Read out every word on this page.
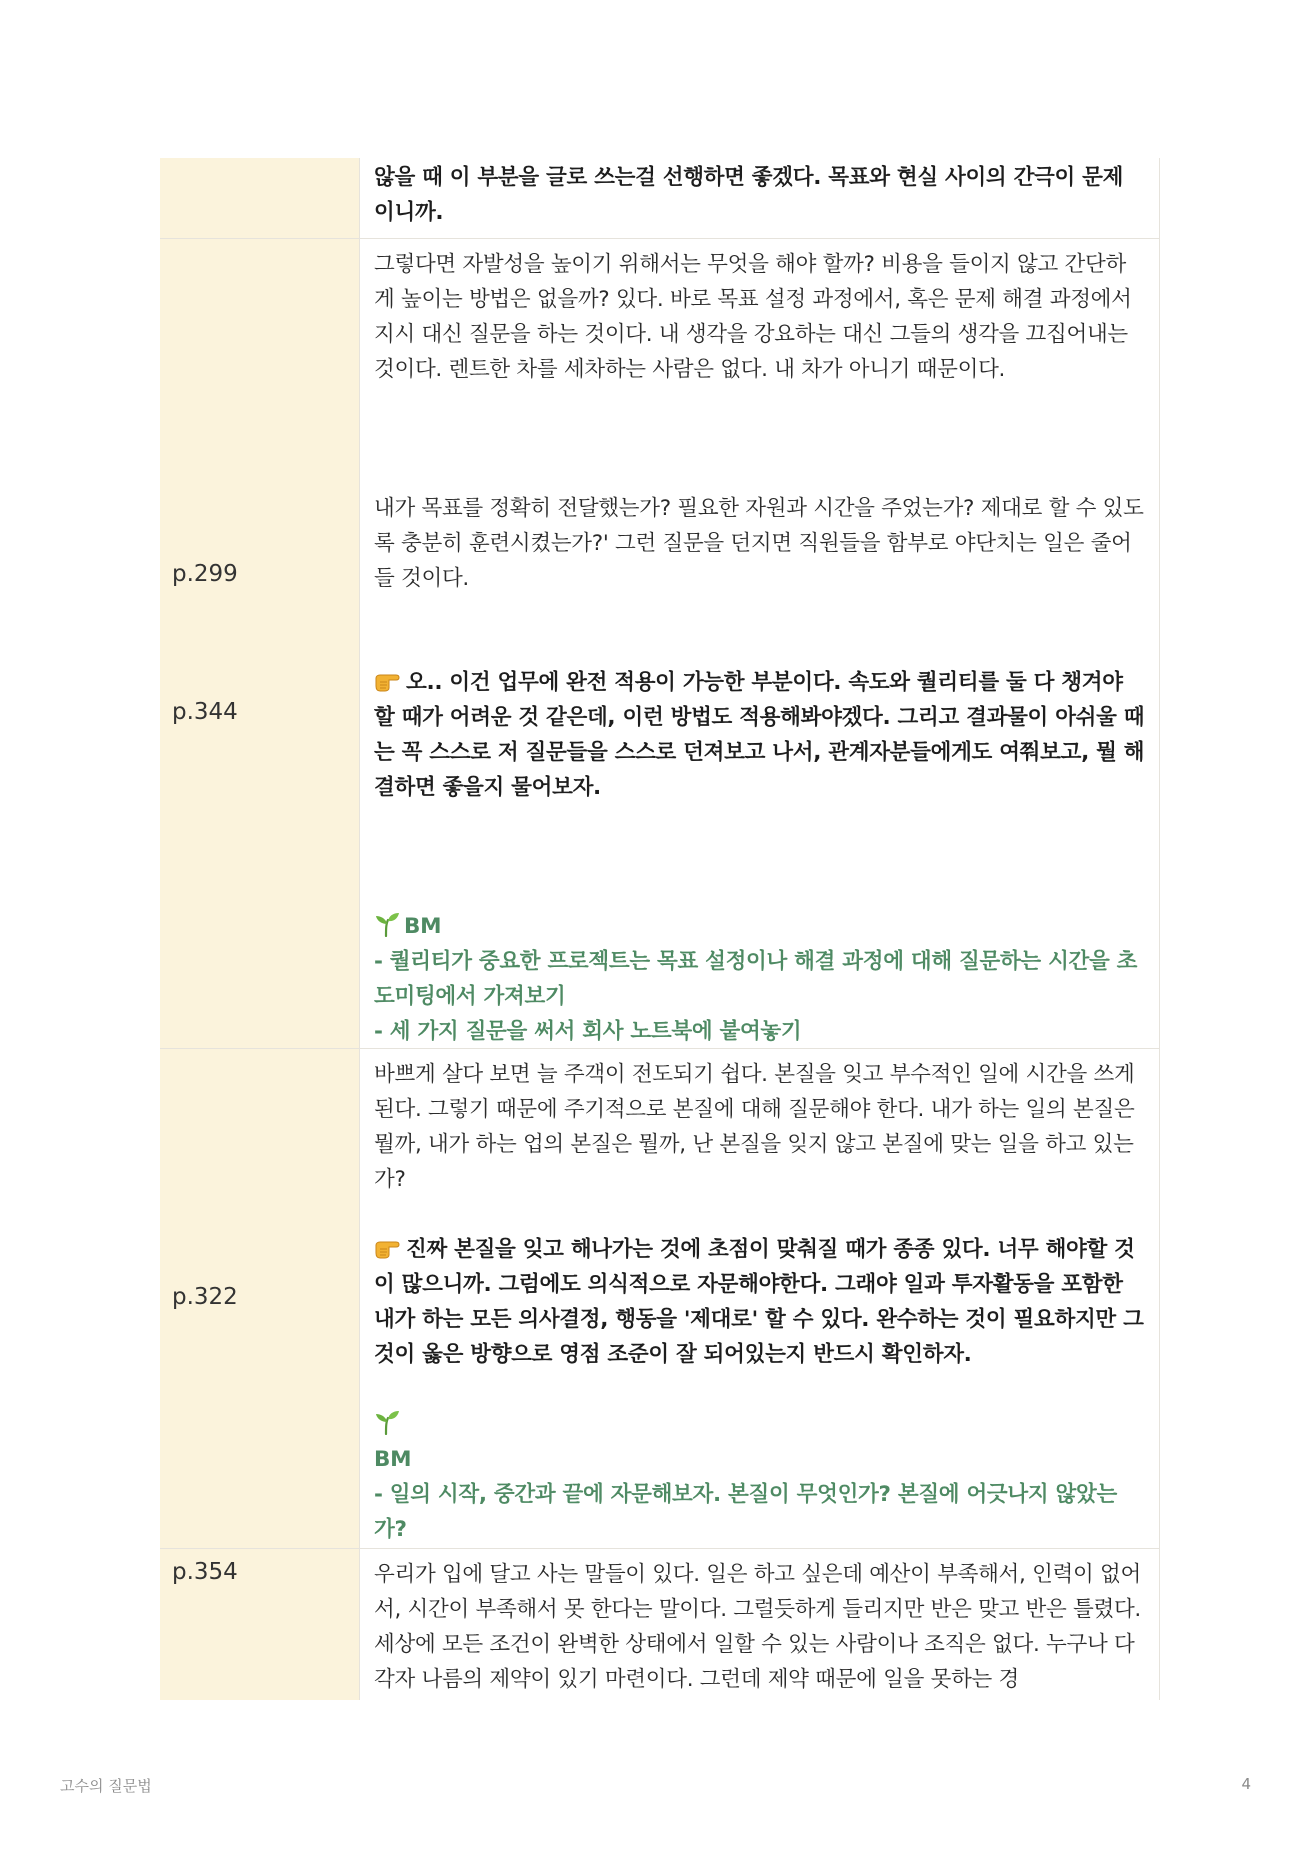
않을 때 이 부분을 글로 쓰는걸 선행하면 좋겠다. 목표와 현실 사이의 간극이 문제 이니까.

p.299
p.344

그렇다면 자발성을 높이기 위해서는 무엇을 해야 할까? 비용을 들이지 않고 간단하게 높이는 방법은 없을까? 있다. 바로 목표 설정 과정에서, 혹은 문제 해결 과정에서 지시 대신 질문을 하는 것이다. 내 생각을 강요하는 대신 그들의 생각을 끄집어내는 것이다. 렌트한 차를 세차하는 사람은 없다. 내 차가 아니기 때문이다.

내가 목표를 정확히 전달했는가? 필요한 자원과 시간을 주었는가? 제대로 할 수 있도록 충분히 훈련시켰는가?' 그런 질문을 던지면 직원들을 함부로 야단치는 일은 줄어들 것이다.

오.. 이건 업무에 완전 적용이 가능한 부분이다. 속도와 퀄리티를 둘 다 챙겨야 할 때가 어려운 것 같은데, 이런 방법도 적용해봐야겠다. 그리고 결과물이 아쉬울 때는 꼭 스스로 저 질문들을 스스로 던져보고 나서, 관계자분들에게도 여쭤보고, 뭘 해결하면 좋을지 물어보자.

BM

- 퀄리티가 중요한 프로젝트는 목표 설정이나 해결 과정에 대해 질문하는 시간을 초도미팅에서 가져보기

- 세 가지 질문을 써서 회사 노트북에 붙여놓기

p.322

바쁘게 살다 보면 늘 주객이 전도되기 쉽다. 본질을 잊고 부수적인 일에 시간을 쓰게 된다. 그렇기 때문에 주기적으로 본질에 대해 질문해야 한다. 내가 하는 일의 본질은 뭘까, 내가 하는 업의 본질은 뭘까, 난 본질을 잊지 않고 본질에 맞는 일을 하고 있는가?

진짜 본질을 잊고 해나가는 것에 초점이 맞춰질 때가 종종 있다. 너무 해야할 것이 많으니까. 그럼에도 의식적으로 자문해야한다. 그래야 일과 투자활동을 포함한 내가 하는 모든 의사결정, 행동을 '제대로' 할 수 있다. 완수하는 것이 필요하지만 그것이 옳은 방향으로 영점 조준이 잘 되어있는지 반드시 확인하자.

BM

- 일의 시작, 중간과 끝에 자문해보자. 본질이 무엇인가? 본질에 어긋나지 않았는가?

p.354	우리가 입에 달고 사는 말들이 있다. 일은 하고 싶은데 예산이 부족해서, 인력이 없어서, 시간이 부족해서 못 한다는 말이다. 그럴듯하게 들리지만 반은 맞고 반은 틀렸다. 세상에 모든 조건이 완벽한 상태에서 일할 수 있는 사람이나 조직은 없다. 누구나 다 각자 나름의 제약이 있기 마련이다. 그런데 제약 때문에 일을 못하는 경

고수의 질문법	4
